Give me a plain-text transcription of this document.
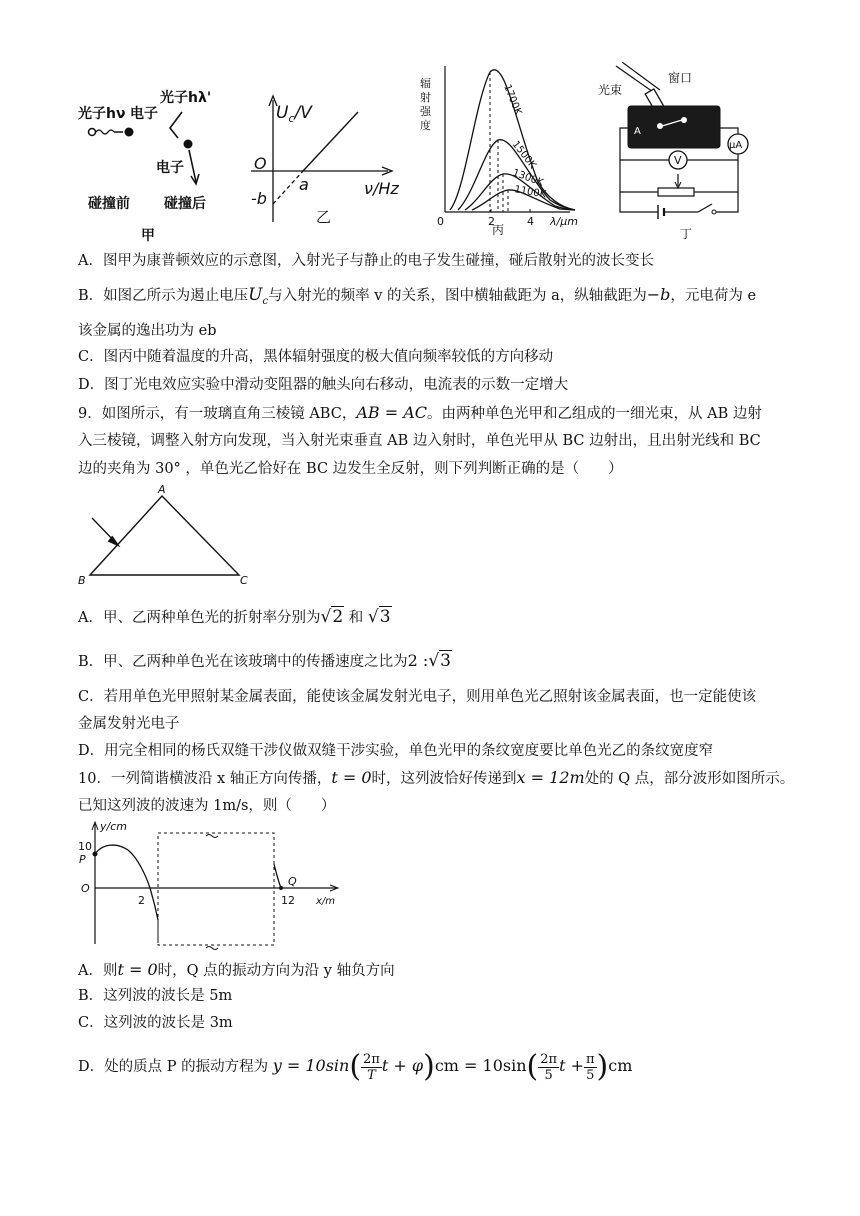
光子hν 电子
光子hλ'
电子
碰撞前 碰撞后
甲
$U_c/V$
O
a
-b
ν/Hz
乙
辐
射
强
度
0	2	4 λ/μm
1700K
1500K
1300K
1100K
丙
光束
窗口
A
μA
V
丁
A．图甲为康普顿效应的示意图，入射光子与静止的电子发生碰撞，碰后散射光的波长变长
B．如图乙所示为遏止电压$U_c$与入射光的频率 v 的关系，图中横轴截距为 a，纵轴截距为−b，元电荷为 e
该金属的逸出功为 eb
C．图丙中随着温度的升高，黑体辐射强度的极大值向频率较低的方向移动
D．图丁光电效应实验中滑动变阻器的触头向右移动，电流表的示数一定增大
9．如图所示，有一玻璃直角三棱镜 ABC，AB = AC。由两种单色光甲和乙组成的一细光束，从 AB 边射
入三棱镜，调整入射方向发现，当入射光束垂直 AB 边入射时，单色光甲从 BC 边射出，且出射光线和 BC
边的夹角为 30° ，单色光乙恰好在 BC 边发生全反射，则下列判断正确的是（　　）
A
B	C
A．甲、乙两种单色光的折射率分别为√2 和 √3
B．甲、乙两种单色光在该玻璃中的传播速度之比为2 :√3
C．若用单色光甲照射某金属表面，能使该金属发射光电子，则用单色光乙照射该金属表面，也一定能使该
金属发射光电子
D．用完全相同的杨氏双缝干涉仪做双缝干涉实验，单色光甲的条纹宽度要比单色光乙的条纹宽度窄
10．一列简谐横波沿 x 轴正方向传播，t = 0时，这列波恰好传递到x = 12m处的 Q 点，部分波形如图所示。
已知这列波的波速为 1m/s，则（　　）
y/cm
x/m
10
P
O
2
Q
12
A．则t = 0时，Q 点的振动方向为沿 y 轴负方向
B．这列波的波长是 5m
C．这列波的波长是 3m
D．处的质点 P 的振动方程为 $y = 10\sin( \frac{2\pi}{T}$ $t + \varphi)cm = 10\sin( \frac{2\pi}{5}$ $t + \frac{\pi}{5} )cm$
